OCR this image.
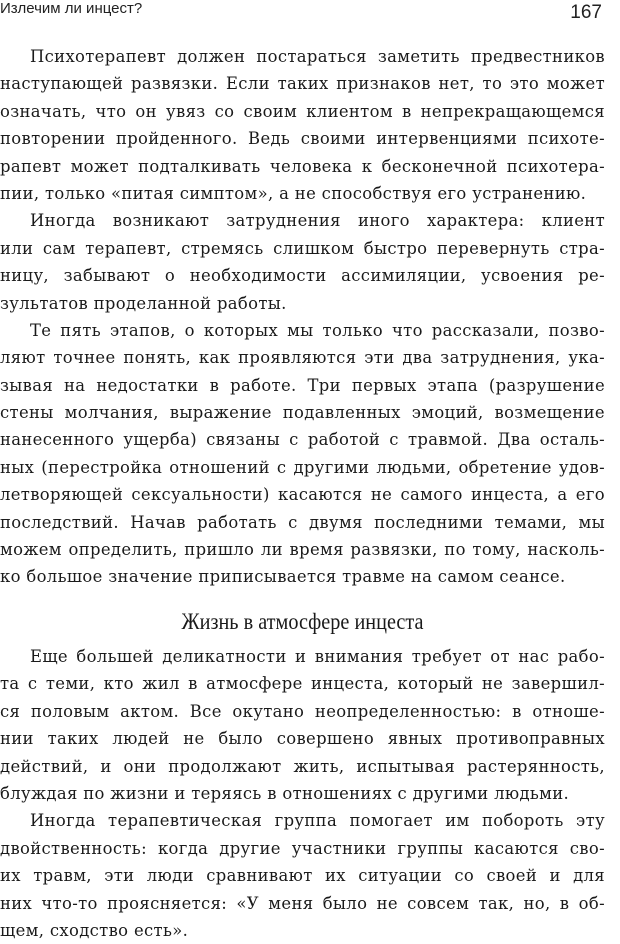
Излечим ли инцест?	167
Психотерапевт должен постараться заметить предвестников
наступающей развязки. Если таких признаков нет, то это может
означать, что он увяз со своим клиентом в непрекращающемся
повторении пройденного. Ведь своими интервенциями психоте-
рапевт может подталкивать человека к бесконечной психотера-
пии, только «питая симптом», а не способствуя его устранению.
Иногда возникают затруднения иного характера: клиент
или сам терапевт, стремясь слишком быстро перевернуть стра-
ницу, забывают о необходимости ассимиляции, усвоения ре-
зультатов проделанной работы.
Те пять этапов, о которых мы только что рассказали, позво-
ляют точнее понять, как проявляются эти два затруднения, ука-
зывая на недостатки в работе. Три первых этапа (разрушение
стены молчания, выражение подавленных эмоций, возмещение
нанесенного ущерба) связаны с работой с травмой. Два осталь-
ных (перестройка отношений с другими людьми, обретение удов-
летворяющей сексуальности) касаются не самого инцеста, а его
последствий. Начав работать с двумя последними темами, мы
можем определить, пришло ли время развязки, по тому, насколь-
ко большое значение приписывается травме на самом сеансе.
Жизнь в атмосфере инцеста
Еще большей деликатности и внимания требует от нас рабо-
та с теми, кто жил в атмосфере инцеста, который не завершил-
ся половым актом. Все окутано неопределенностью: в отноше-
нии таких людей не было совершено явных противоправных
действий, и они продолжают жить, испытывая растерянность,
блуждая по жизни и теряясь в отношениях с другими людьми.
Иногда терапевтическая группа помогает им побороть эту
двойственность: когда другие участники группы касаются сво-
их травм, эти люди сравнивают их ситуации со своей и для
них что-то проясняется: «У меня было не совсем так, но, в об-
щем, сходство есть».
